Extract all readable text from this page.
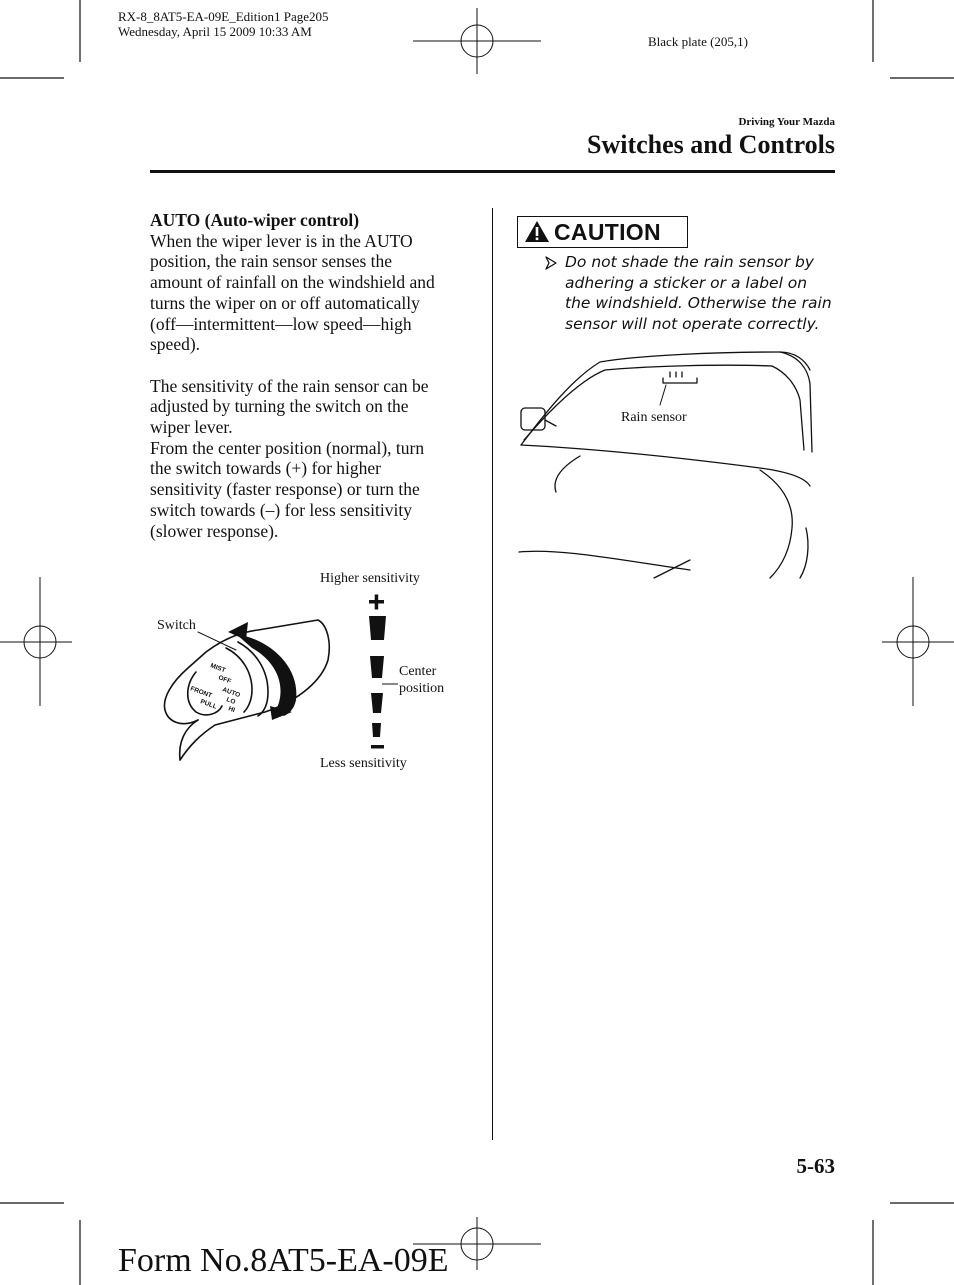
RX-8_8AT5-EA-09E_Edition1 Page205
Wednesday, April 15 2009 10:33 AM
Black plate (205,1)
Driving Your Mazda
Switches and Controls
AUTO (Auto-wiper control)
When the wiper lever is in the AUTO
position, the rain sensor senses the
amount of rainfall on the windshield and
turns the wiper on or off automatically
(off―intermittent―low speed―high
speed).
The sensitivity of the rain sensor can be
adjusted by turning the switch on the
wiper lever.
From the center position (normal), turn
the switch towards (+) for higher
sensitivity (faster response) or turn the
switch towards (–) for less sensitivity
(slower response).
Higher sensitivity
Switch
Center
position
Less sensitivity
MIST
OFF
AUTO
LO
HI
FRONT
PULL
CAUTION
Do not shade the rain sensor by
adhering a sticker or a label on
the windshield. Otherwise the rain
sensor will not operate correctly.
Rain sensor
5-63
Form No.8AT5-EA-09E
